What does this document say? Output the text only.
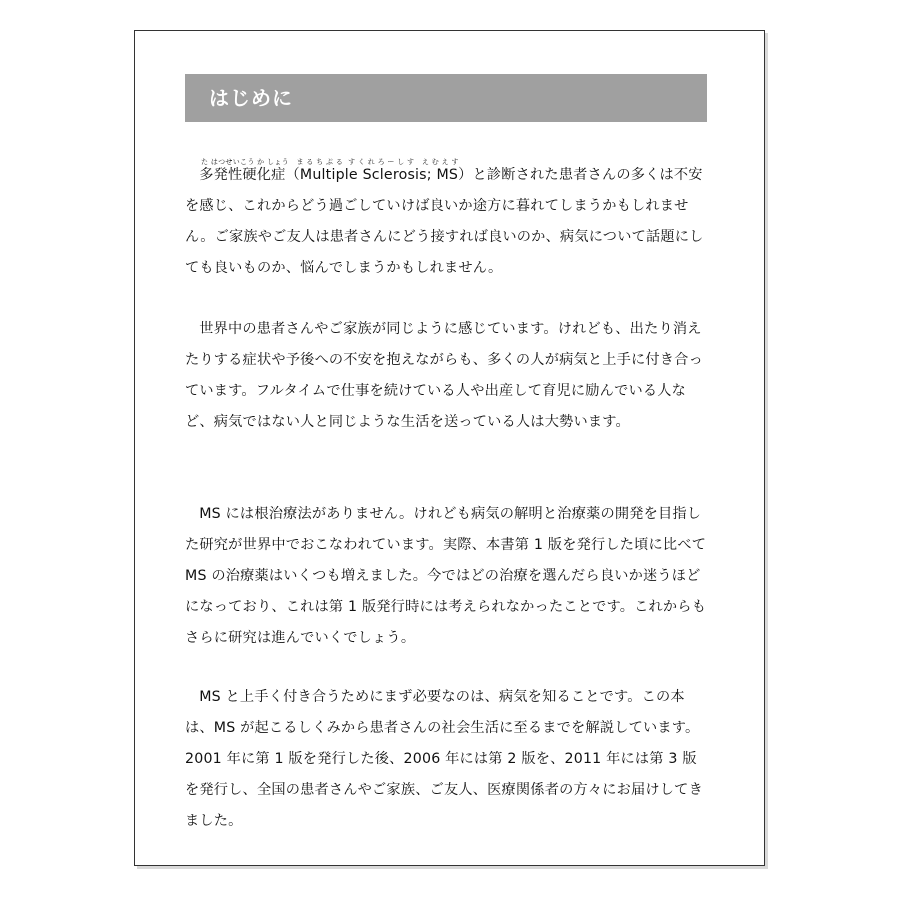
はじめに
た はつせいこう か しょう   ま る ち ぷ る  す く れ ろ ー し す   え む え す

多発性硬化症（Multiple Sclerosis; MS）と診断された患者さんの多くは不安を感じ、これからどう過ごしていけば良いか途方に暮れてしまうかもしれません。ご家族やご友人は患者さんにどう接すれば良いのか、病気について話題にしても良いものか、悩んでしまうかもしれません。

世界中の患者さんやご家族が同じように感じています。けれども、出たり消えたりする症状や予後への不安を抱えながらも、多くの人が病気と上手に付き合っています。フルタイムで仕事を続けている人や出産して育児に励んでいる人など、病気ではない人と同じような生活を送っている人は大勢います。

MS には根治療法がありません。けれども病気の解明と治療薬の開発を目指した研究が世界中でおこなわれています。実際、本書第 1 版を発行した頃に比べて MS の治療薬はいくつも増えました。今ではどの治療を選んだら良いか迷うほどになっており、これは第 1 版発行時には考えられなかったことです。これからもさらに研究は進んでいくでしょう。

MS と上手く付き合うためにまず必要なのは、病気を知ることです。この本は、MS が起こるしくみから患者さんの社会生活に至るまでを解説しています。2001 年に第 1 版を発行した後、2006 年には第 2 版を、2011 年には第 3 版を発行し、全国の患者さんやご家族、ご友人、医療関係者の方々にお届けしてきました。
